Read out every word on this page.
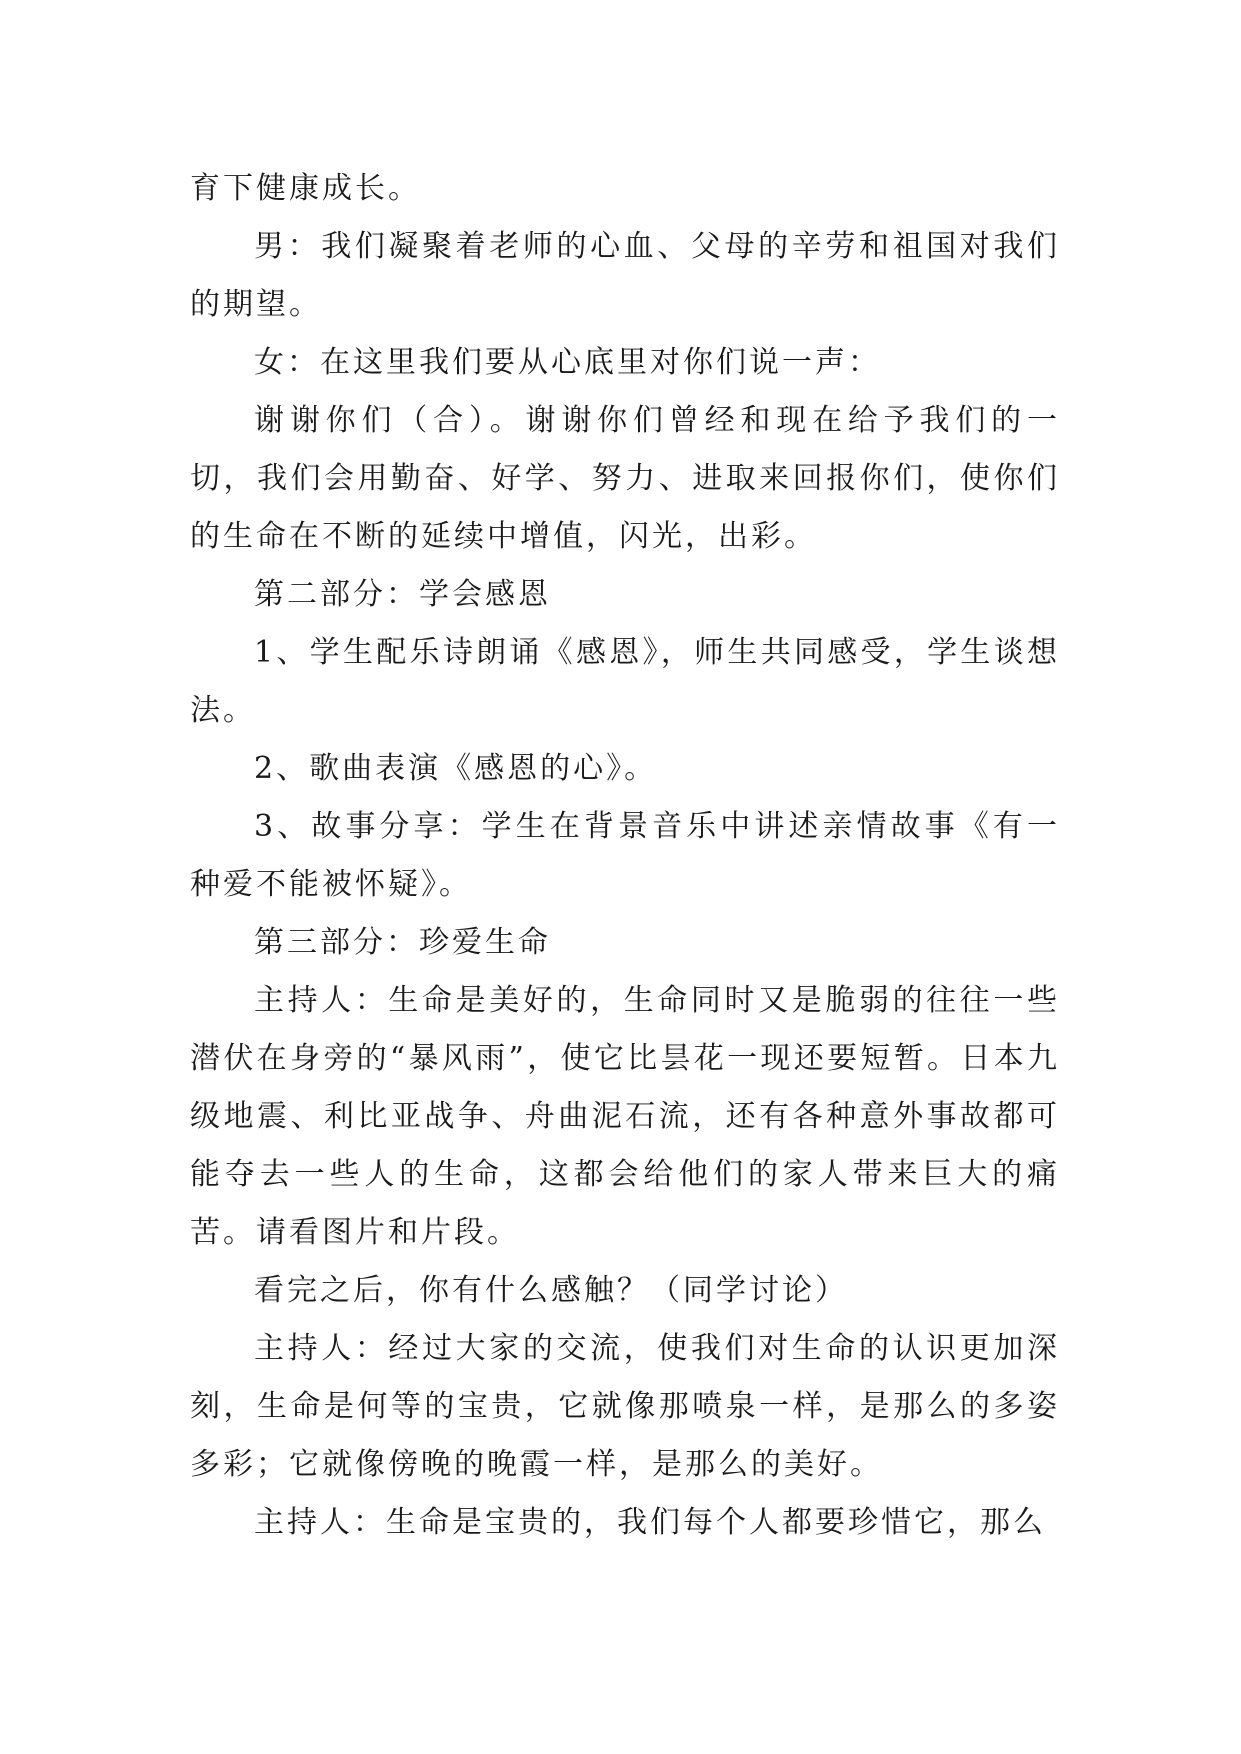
育下健康成长。

男：我们凝聚着老师的心血、父母的辛劳和祖国对我们的期望。

女：在这里我们要从心底里对你们说一声：

谢谢你们（合）。谢谢你们曾经和现在给予我们的一切，我们会用勤奋、好学、努力、进取来回报你们，使你们的生命在不断的延续中增值，闪光，出彩。

第二部分：学会感恩

1、学生配乐诗朗诵《感恩》，师生共同感受，学生谈想法。

2、歌曲表演《感恩的心》。

3、故事分享：学生在背景音乐中讲述亲情故事《有一种爱不能被怀疑》。

第三部分：珍爱生命

主持人：生命是美好的，生命同时又是脆弱的往往一些潜伏在身旁的“暴风雨”，使它比昙花一现还要短暂。日本九级地震、利比亚战争、舟曲泥石流，还有各种意外事故都可能夺去一些人的生命，这都会给他们的家人带来巨大的痛苦。请看图片和片段。

看完之后，你有什么感触？（同学讨论）

主持人：经过大家的交流，使我们对生命的认识更加深刻，生命是何等的宝贵，它就像那喷泉一样，是那么的多姿多彩；它就像傍晚的晚霞一样，是那么的美好。

主持人：生命是宝贵的，我们每个人都要珍惜它，那么
